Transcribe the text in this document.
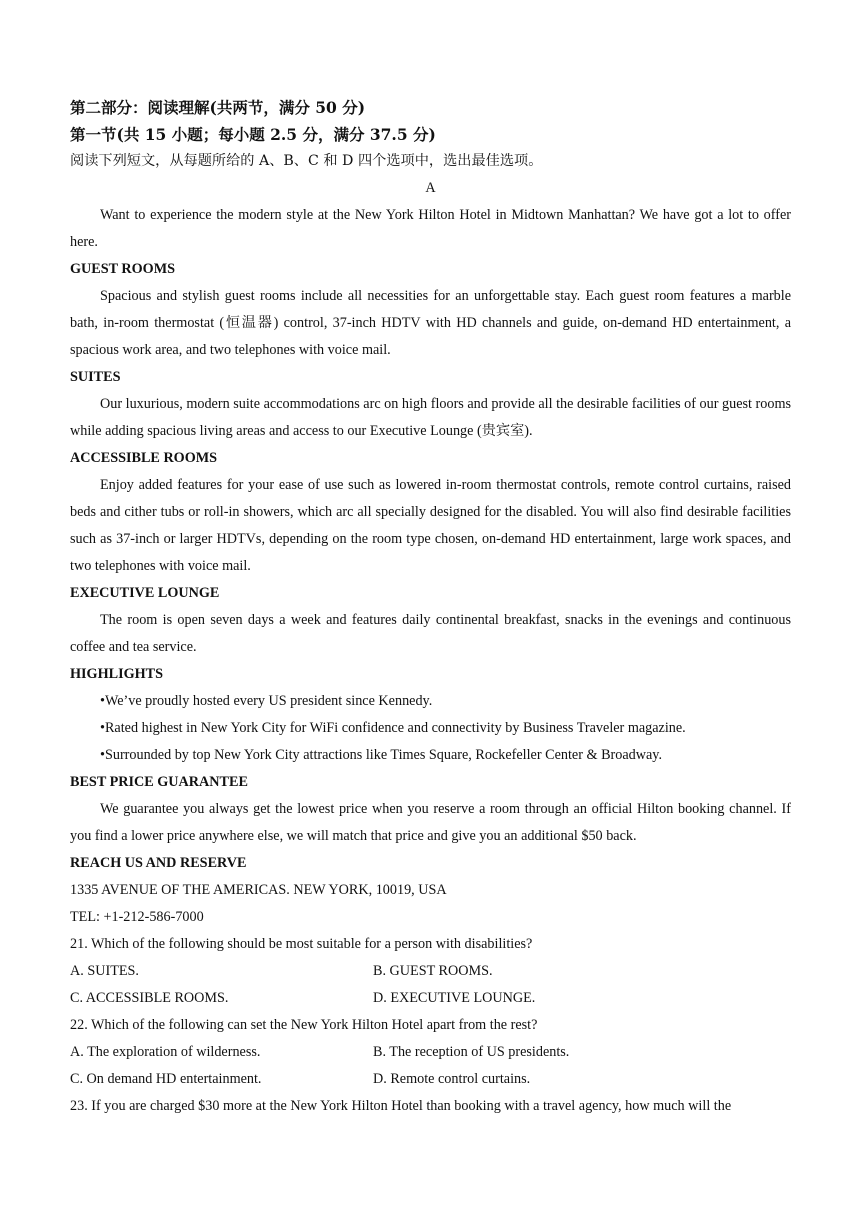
第二部分：阅读理解(共两节，满分 50 分)
第一节(共 15 小题；每小题 2.5 分，满分 37.5 分)
阅读下列短文，从每题所给的 A、B、C 和 D 四个选项中，选出最佳选项。
A
Want to experience the modern style at the New York Hilton Hotel in Midtown Manhattan? We have got a lot to offer here.
GUEST ROOMS
Spacious and stylish guest rooms include all necessities for an unforgettable stay. Each guest room features a marble bath, in-room thermostat (恒温器) control, 37-inch HDTV with HD channels and guide, on-demand HD entertainment, a spacious work area, and two telephones with voice mail.
SUITES
Our luxurious, modern suite accommodations arc on high floors and provide all the desirable facilities of our guest rooms while adding spacious living areas and access to our Executive Lounge (贵宾室).
ACCESSIBLE ROOMS
Enjoy added features for your ease of use such as lowered in-room thermostat controls, remote control curtains, raised beds and cither tubs or roll-in showers, which arc all specially designed for the disabled. You will also find desirable facilities such as 37-inch or larger HDTVs, depending on the room type chosen, on-demand HD entertainment, large work spaces, and two telephones with voice mail.
EXECUTIVE LOUNGE
The room is open seven days a week and features daily continental breakfast, snacks in the evenings and continuous coffee and tea service.
HIGHLIGHTS
•We’ve proudly hosted every US president since Kennedy.
•Rated highest in New York City for WiFi confidence and connectivity by Business Traveler magazine.
•Surrounded by top New York City attractions like Times Square, Rockefeller Center & Broadway.
BEST PRICE GUARANTEE
We guarantee you always get the lowest price when you reserve a room through an official Hilton booking channel. If you find a lower price anywhere else, we will match that price and give you an additional $50 back.
REACH US AND RESERVE
1335 AVENUE OF THE AMERICAS. NEW YORK, 10019, USA
TEL: +1-212-586-7000
21. Which of the following should be most suitable for a person with disabilities?
A. SUITES.	B. GUEST ROOMS.
C. ACCESSIBLE ROOMS.	D. EXECUTIVE LOUNGE.
22. Which of the following can set the New York Hilton Hotel apart from the rest?
A. The exploration of wilderness.	B. The reception of US presidents.
C. On demand HD entertainment.	D. Remote control curtains.
23. If you are charged $30 more at the New York Hilton Hotel than booking with a travel agency, how much will the
